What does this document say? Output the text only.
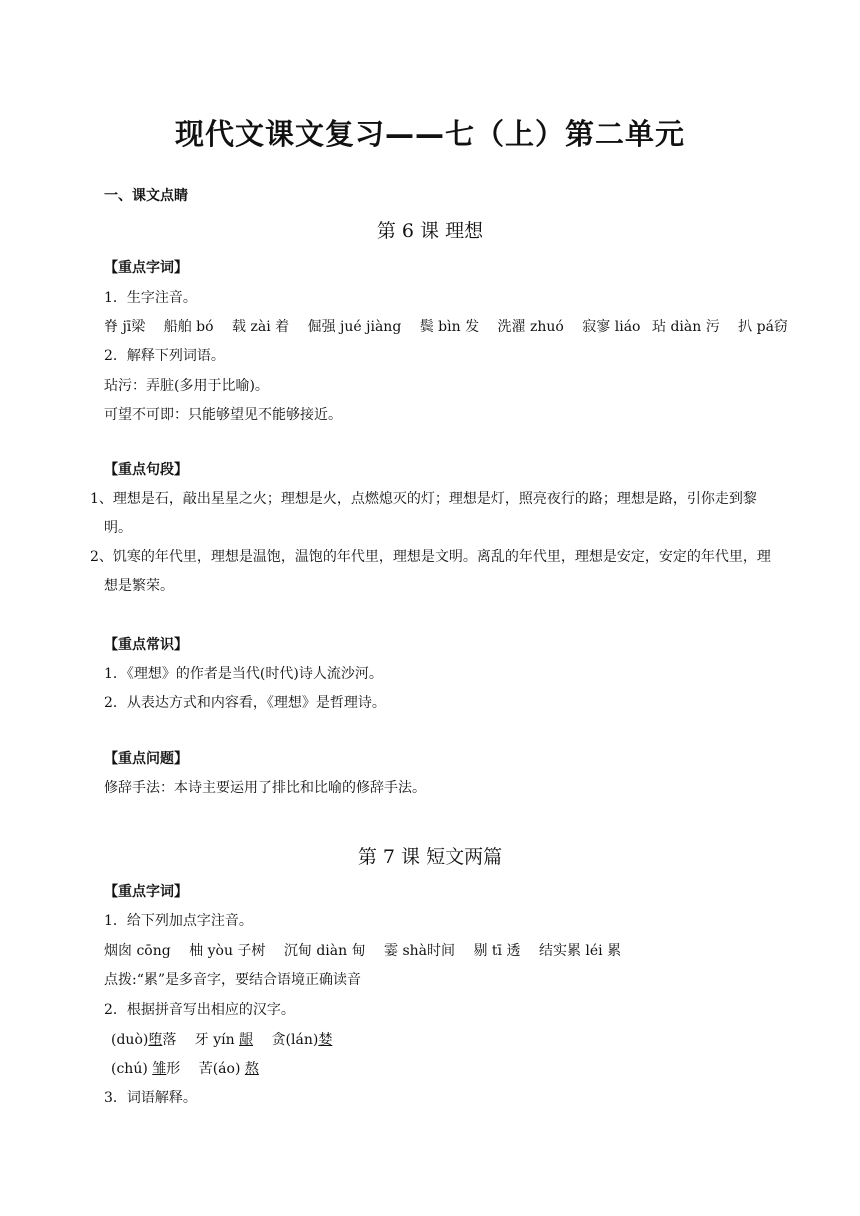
现代文课文复习——七（上）第二单元
一、课文点睛
第 6 课 理想
【重点字词】
1．生字注音。
脊 jī梁 船舶 bó 载 zài 着 倔强 jué jiàng 鬓 bìn 发 洗濯 zhuó 寂寥 liáo 玷 diàn 污 扒 pá窃
2．解释下列词语。
玷污：弄脏(多用于比喻)。
可望不可即：只能够望见不能够接近。
【重点句段】
1、理想是石，敲出星星之火；理想是火，点燃熄灭的灯；理想是灯，照亮夜行的路；理想是路，引你走到黎明。
2、饥寒的年代里，理想是温饱，温饱的年代里，理想是文明。离乱的年代里，理想是安定，安定的年代里，理想是繁荣。
【重点常识】
1．《理想》的作者是当代(时代)诗人流沙河。
2．从表达方式和内容看，《理想》是哲理诗。
【重点问题】
修辞手法：本诗主要运用了排比和比喻的修辞手法。
第 7 课 短文两篇
【重点字词】
1．给下列加点字注音。
烟囱 cōng 柚 yòu 子树 沉甸 diàn 甸 霎 shà时间 剔 tī 透 结实累 léi 累
点拨:“累”是多音字，要结合语境正确读音
2．根据拼音写出相应的汉字。
(duò)堕落 牙 yín 龈 贪(lán)婪
(chú) 雏形 苦(áo) 熬
3．词语解释。
